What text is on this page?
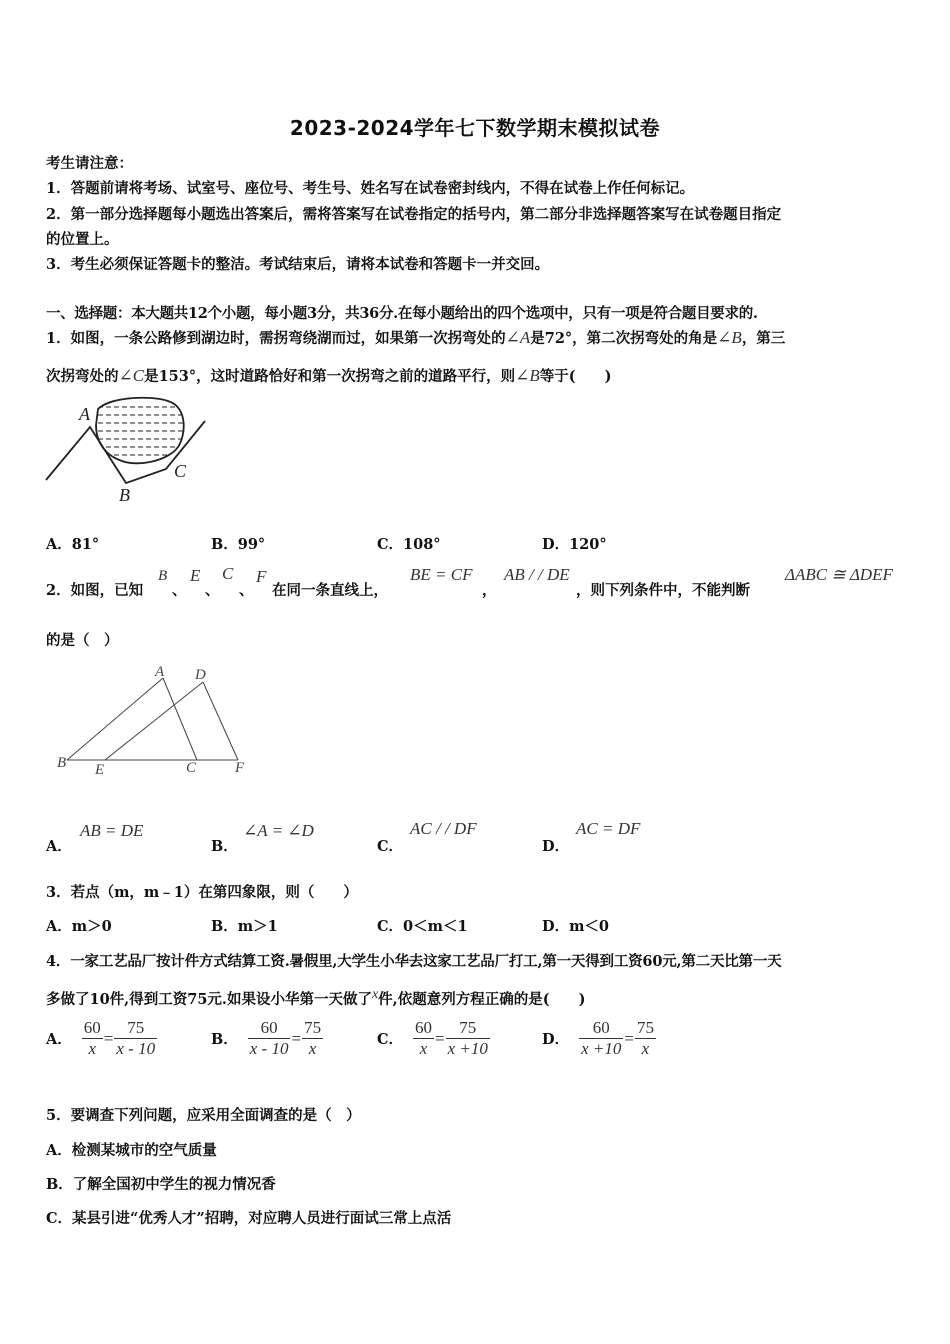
2023-2024学年七下数学期末模拟试卷
考生请注意：
1．答题前请将考场、试室号、座位号、考生号、姓名写在试卷密封线内，不得在试卷上作任何标记。
2．第一部分选择题每小题选出答案后，需将答案写在试卷指定的括号内，第二部分非选择题答案写在试卷题目指定
的位置上。
3．考生必须保证答题卡的整洁。考试结束后，请将本试卷和答题卡一并交回。
一、选择题：本大题共12个小题，每小题3分，共36分.在每小题给出的四个选项中，只有一项是符合题目要求的.
1．如图，一条公路修到湖边时，需拐弯绕湖而过，如果第一次拐弯处的∠A是72°，第二次拐弯处的角是∠B，第三
次拐弯处的∠C是153°，这时道路恰好和第一次拐弯之前的道路平行，则∠B等于(　　)
A
B
C
A．81°	B．99°	C．108°	D．120°
2．如图，已知
B
、
E
、
C
、
F
在同一条直线上，
BE = CF
，
AB / / DE
，则下列条件中，不能判断
ΔABC ≅ ΔDEF
的是（　）
A D
B E	C	F
A．
AB = DE
B．
∠A = ∠D
C．
AC / / DF
D．
AC = DF
3．若点（m，m﹣1）在第四象限，则（　　）
A．m＞0	B．m＞1	C．0＜m＜1	D．m＜0
4．一家工艺品厂按计件方式结算工资.暑假里,大学生小华去这家工艺品厂打工,第一天得到工资60元,第二天比第一天
多做了10件,得到工资75元.如果设小华第一天做了$^x$件,依题意列方程正确的是(　　)
A． $\frac{60}{x} = \frac{75}{x - 10}$	B． $\frac{60}{x - 10} = \frac{75}{x}$	C． $\frac{60}{x} = \frac{75}{x +10}$	D． $\frac{60}{x +10} = \frac{75}{x}$
5．要调查下列问题，应采用全面调查的是（　）
A．检测某城市的空气质量
B．了解全国初中学生的视力情况香
C．某县引进“优秀人才”招聘，对应聘人员进行面试三常上点活
